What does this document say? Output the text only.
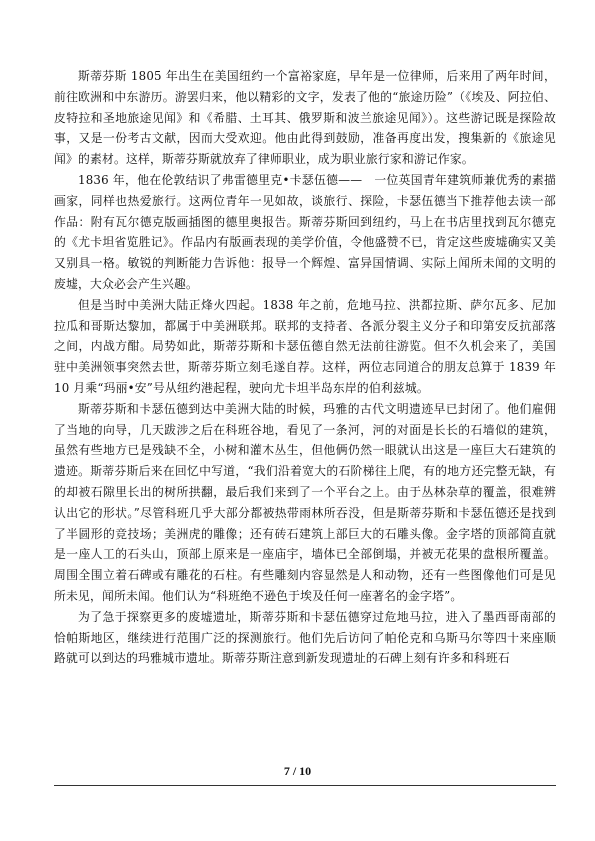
斯蒂芬斯 1805 年出生在美国纽约一个富裕家庭，早年是一位律师，后来用了两年时间，前往欧洲和中东游历。游罢归来，他以精彩的文字，发表了他的“旅途历险”（《埃及、阿拉伯、皮特拉和圣地旅途见闻》和《希腊、土耳其、俄罗斯和波兰旅途见闻》）。这些游记既是探险故事，又是一份考古文献，因而大受欢迎。他由此得到鼓励，准备再度出发，搜集新的《旅途见闻》的素材。这样，斯蒂芬斯就放弃了律师职业，成为职业旅行家和游记作家。

1836 年，他在伦敦结识了弗雷德里克•卡瑟伍德——　一位英国青年建筑师兼优秀的素描画家，同样也热爱旅行。这两位青年一见如故，谈旅行、探险，卡瑟伍德当下推荐他去读一部作品：附有瓦尔德克版画插图的德里奥报告。斯蒂芬斯回到纽约，马上在书店里找到瓦尔德克的《尤卡坦省览胜记》。作品内有版画表现的美学价值，令他盛赞不已，肯定这些废墟确实又美又别具一格。敏锐的判断能力告诉他：报导一个辉煌、富异国情调、实际上闻所未闻的文明的废墟，大众必会产生兴趣。

但是当时中美洲大陆正烽火四起。1838 年之前，危地马拉、洪都拉斯、萨尔瓦多、尼加拉瓜和哥斯达黎加，都属于中美洲联邦。联邦的支持者、各派分裂主义分子和印第安反抗部落之间，内战方酣。局势如此，斯蒂芬斯和卡瑟伍德自然无法前往游览。但不久机会来了，美国驻中美洲领事突然去世，斯蒂芬斯立刻毛遂自荐。这样，两位志同道合的朋友总算于 1839 年 10 月乘“玛丽•安”号从纽约港起程，驶向尤卡坦半岛东岸的伯利兹城。

斯蒂芬斯和卡瑟伍德到达中美洲大陆的时候，玛雅的古代文明遗迹早已封闭了。他们雇佣了当地的向导，几天跋涉之后在科班谷地，看见了一条河，河的对面是长长的石墙似的建筑，虽然有些地方已是残缺不全，小树和灌木丛生，但他俩仍然一眼就认出这是一座巨大石建筑的遗迹。斯蒂芬斯后来在回忆中写道，“我们沿着宽大的石阶梯往上爬，有的地方还完整无缺，有的却被石隙里长出的树所拱翻，最后我们来到了一个平台之上。由于丛林杂草的覆盖，很难辨认出它的形状。”尽管科班几乎大部分都被热带雨林所吞没，但是斯蒂芬斯和卡瑟伍德还是找到了半圆形的竞技场；美洲虎的雕像；还有砖石建筑上部巨大的石雕头像。金字塔的顶部简直就是一座人工的石头山，顶部上原来是一座庙宇，墙体已全部倒塌，并被无花果的盘根所覆盖。周围全围立着石碑或有雕花的石柱。有些雕刻内容显然是人和动物，还有一些图像他们可是见所未见，闻所未闻。他们认为“科班绝不逊色于埃及任何一座著名的金字塔”。

为了急于探察更多的废墟遗址，斯蒂芬斯和卡瑟伍德穿过危地马拉，进入了墨西哥南部的恰帕斯地区，继续进行范围广泛的探测旅行。他们先后访问了帕伦克和乌斯马尔等四十来座顺路就可以到达的玛雅城市遗址。斯蒂芬斯注意到新发现遗址的石碑上刻有许多和科班石

7 / 10
